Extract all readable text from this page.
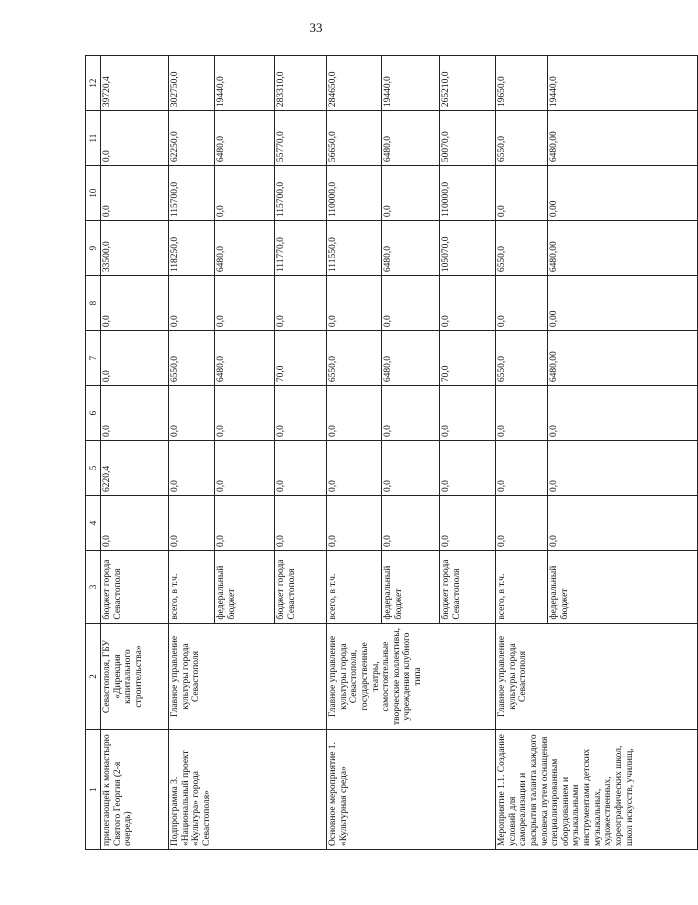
33
1	2	3	4	5	6	7	8	9	10	11	12
прилегающей к монастырю Святого Георгия (2-я очередь)	Севастополя, ГБУ «Дирекция капитального строительства»	бюджет города Севастополя	0,0	6220,4	0,0	0,0	0,0	33500,0	0,0	0,0	39720,4
Подпрограмма 3. «Национальный проект «Культура» города Севастополя»	Главное управление культуры города Севастополя	всего, в т.ч.	0,0	0,0	0,0	6550,0	0,0	118250,0	115700,0	62250,0	302750,0
		федеральный бюджет	0,0	0,0	0,0	6480,0	0,0	6480,0	0,0	6480,0	19440,0
		бюджет города Севастополя	0,0	0,0	0,0	70,0	0,0	111770,0	115700,0	55770,0	283310,0
Основное мероприятие 1. «Культурная среда»	Главное управление культуры города Севастополя, государственные театры, самостоятельные творческие коллективы, учреждения клубного типа	всего, в т.ч.	0,0	0,0	0,0	6550,0	0,0	111550,0	110000,0	56650,0	284650,0
		федеральный бюджет	0,0	0,0	0,0	6480,0	0,0	6480,0	0,0	6480,0	19440,0
		бюджет города Севастополя	0,0	0,0	0,0	70,0	0,0	105070,0	110000,0	50070,0	265210,0
Мероприятие 1.1. Создание условий для самореализации и раскрытия таланта каждого человека путем оснащения специализированным оборудованием и музыкальными инструментами детских музыкальных, художественных, хореографических школ, школ искусств, училищ,	Главное управление культуры города Севастополя	всего, в т.ч.	0,0	0,0	0,0	6550,0	0,0	6550,0	0,0	6550,0	19650,0
		федеральный бюджет	0,0	0,0	0,0	6480,00	0,00	6480,00	0,00	6480,00	19440,0
